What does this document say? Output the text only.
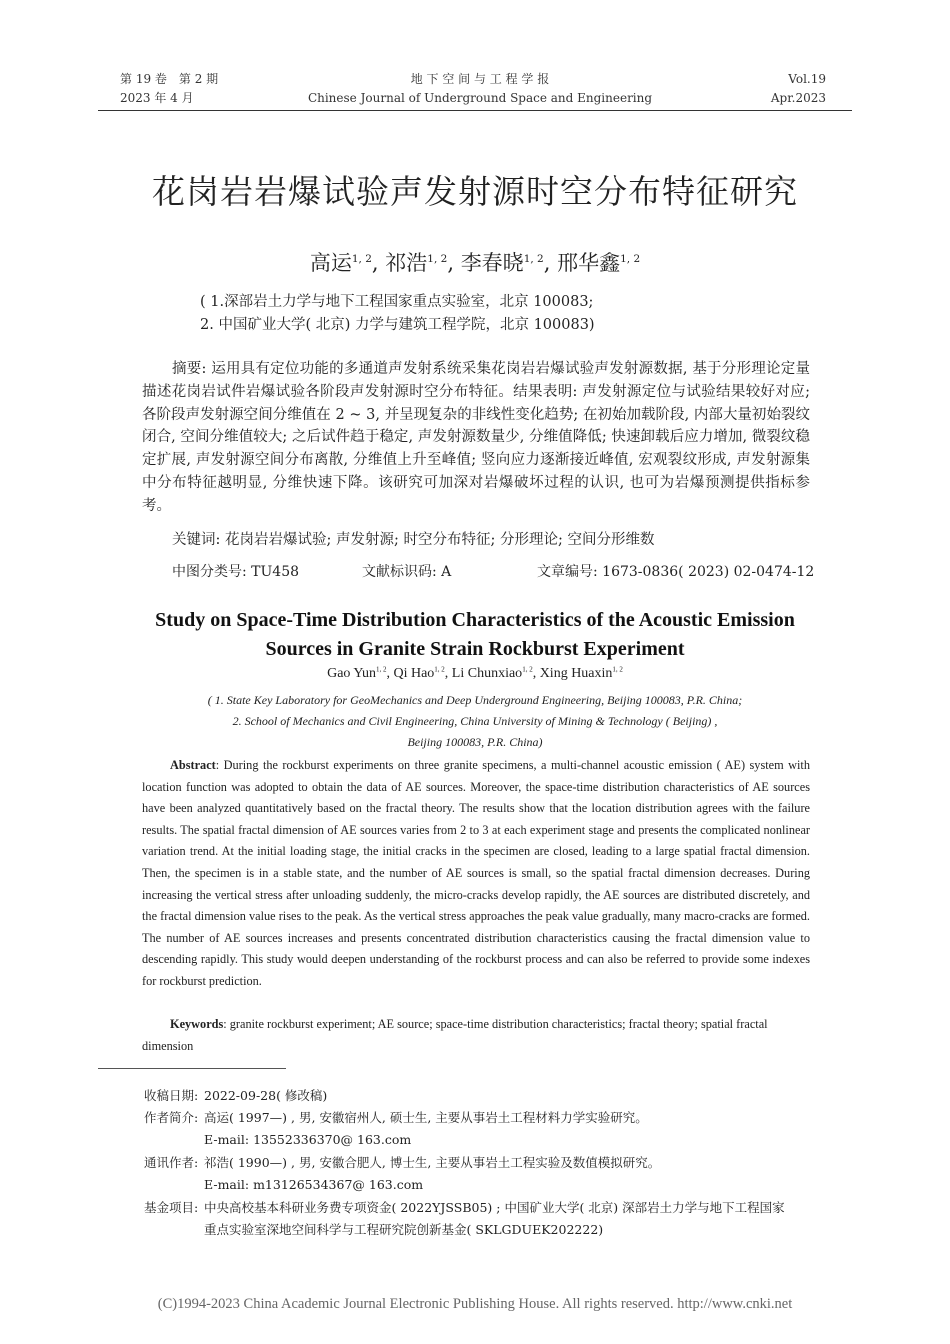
第 19 卷　第 2 期
2023 年 4 月
地 下 空 间 与 工 程 学 报
Chinese Journal of Underground Space and Engineering
Vol.19
Apr.2023
花岗岩岩爆试验声发射源时空分布特征研究
高运$^{1, 2}$, 祁浩$^{1, 2}$, 李春晓$^{1, 2}$, 邢华鑫$^{1, 2}$
( 1.深部岩土力学与地下工程国家重点实验室，北京 100083;
2. 中国矿业大学( 北京) 力学与建筑工程学院，北京 100083)
摘要: 运用具有定位功能的多通道声发射系统采集花岗岩岩爆试验声发射源数据, 基于分形理论定量描述花岗岩试件岩爆试验各阶段声发射源时空分布特征。结果表明: 声发射源定位与试验结果较好对应; 各阶段声发射源空间分维值在 2 ~ 3, 并呈现复杂的非线性变化趋势; 在初始加载阶段, 内部大量初始裂纹闭合, 空间分维值较大; 之后试件趋于稳定, 声发射源数量少, 分维值降低; 快速卸载后应力增加, 微裂纹稳定扩展, 声发射源空间分布离散, 分维值上升至峰值; 竖向应力逐渐接近峰值, 宏观裂纹形成, 声发射源集中分布特征越明显, 分维快速下降。该研究可加深对岩爆破坏过程的认识, 也可为岩爆预测提供指标参考。
关键词: 花岗岩岩爆试验; 声发射源; 时空分布特征; 分形理论; 空间分形维数
中图分类号: TU458	文献标识码: A	文章编号: 1673-0836( 2023) 02-0474-12
Study on Space-Time Distribution Characteristics of the Acoustic Emission
Sources in Granite Strain Rockburst Experiment
Gao Yun$^{1, 2}$, Qi Hao$^{1, 2}$, Li Chunxiao$^{1, 2}$, Xing Huaxin$^{1, 2}$
( 1. State Key Laboratory for GeoMechanics and Deep Underground Engineering, Beijing 100083, P.R. China;
2. School of Mechanics and Civil Engineering, China University of Mining & Technology ( Beijing) ,
Beijing 100083, P.R. China)
Abstract: During the rockburst experiments on three granite specimens, a multi-channel acoustic emission ( AE) system with location function was adopted to obtain the data of AE sources. Moreover, the space-time distribution characteristics of AE sources have been analyzed quantitatively based on the fractal theory. The results show that the location distribution agrees with the failure results. The spatial fractal dimension of AE sources varies from 2 to 3 at each experiment stage and presents the complicated nonlinear variation trend. At the initial loading stage, the initial cracks in the specimen are closed, leading to a large spatial fractal dimension. Then, the specimen is in a stable state, and the number of AE sources is small, so the spatial fractal dimension decreases. During increasing the vertical stress after unloading suddenly, the micro-cracks develop rapidly, the AE sources are distributed discretely, and the fractal dimension value rises to the peak. As the vertical stress approaches the peak value gradually, many macro-cracks are formed. The number of AE sources increases and presents concentrated distribution characteristics causing the fractal dimension value to descending rapidly. This study would deepen understanding of the rockburst process and can also be referred to provide some indexes for rockburst prediction.
Keywords: granite rockburst experiment; AE source; space-time distribution characteristics; fractal theory; spatial fractal dimension
收稿日期: 2022-09-28( 修改稿)
作者简介: 高运( 1997—) , 男, 安徽宿州人, 硕士生, 主要从事岩土工程材料力学实验研究。
E-mail: 13552336370@ 163.com
通讯作者: 祁浩( 1990—) , 男, 安徽合肥人, 博士生, 主要从事岩土工程实验及数值模拟研究。
E-mail: m13126534367@ 163.com
基金项目: 中央高校基本科研业务费专项资金( 2022YJSSB05) ; 中国矿业大学( 北京) 深部岩土力学与地下工程国家
重点实验室深地空间科学与工程研究院创新基金( SKLGDUEK202222)
(C)1994-2023 China Academic Journal Electronic Publishing House. All rights reserved. http://www.cnki.net
